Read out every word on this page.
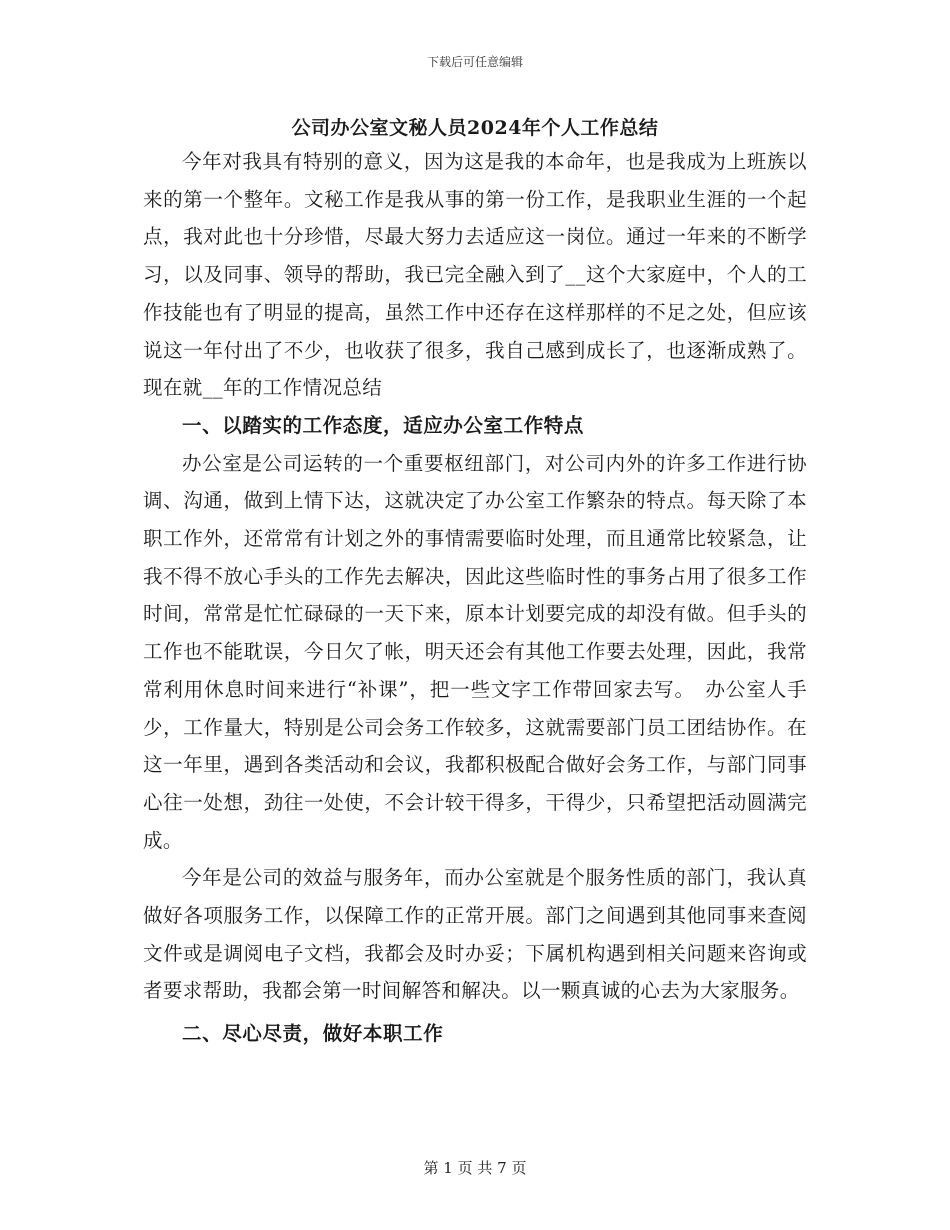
下载后可任意编辑
公司办公室文秘人员2024年个人工作总结

今年对我具有特别的意义，因为这是我的本命年，也是我成为上班族以来的第一个整年。文秘工作是我从事的第一份工作，是我职业生涯的一个起点，我对此也十分珍惜，尽最大努力去适应这一岗位。通过一年来的不断学习，以及同事、领导的帮助，我已完全融入到了__这个大家庭中，个人的工作技能也有了明显的提高，虽然工作中还存在这样那样的不足之处，但应该说这一年付出了不少，也收获了很多，我自己感到成长了，也逐渐成熟了。现在就__年的工作情况总结

一、以踏实的工作态度，适应办公室工作特点

办公室是公司运转的一个重要枢纽部门，对公司内外的许多工作进行协调、沟通，做到上情下达，这就决定了办公室工作繁杂的特点。每天除了本职工作外，还常常有计划之外的事情需要临时处理，而且通常比较紧急，让我不得不放心手头的工作先去解决，因此这些临时性的事务占用了很多工作时间，常常是忙忙碌碌的一天下来，原本计划要完成的却没有做。但手头的工作也不能耽误，今日欠了帐，明天还会有其他工作要去处理，因此，我常常利用休息时间来进行“补课”，把一些文字工作带回家去写。　办公室人手少，工作量大，特别是公司会务工作较多，这就需要部门员工团结协作。在这一年里，遇到各类活动和会议，我都积极配合做好会务工作，与部门同事心往一处想，劲往一处使，不会计较干得多，干得少，只希望把活动圆满完成。

今年是公司的效益与服务年，而办公室就是个服务性质的部门，我认真做好各项服务工作，以保障工作的正常开展。部门之间遇到其他同事来查阅文件或是调阅电子文档，我都会及时办妥；下属机构遇到相关问题来咨询或者要求帮助，我都会第一时间解答和解决。以一颗真诚的心去为大家服务。

二、尽心尽责，做好本职工作

第 1 页 共 7 页
